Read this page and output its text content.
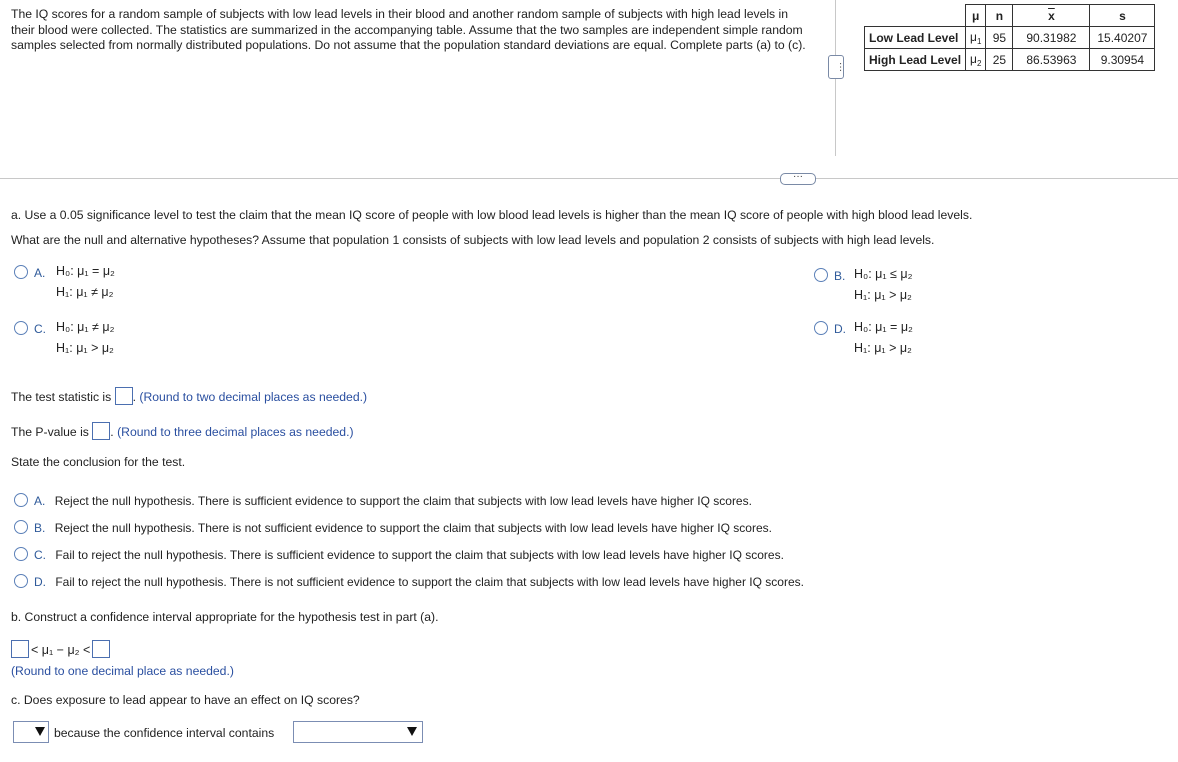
The IQ scores for a random sample of subjects with low lead levels in their blood and another random sample of subjects with high lead levels in their blood were collected. The statistics are summarized in the accompanying table. Assume that the two samples are independent simple random samples selected from normally distributed populations. Do not assume that the population standard deviations are equal. Complete parts (a) to (c).
···
	μ	n	$\overline{x}$	s
Low Lead Level	$\mu_1$	95	90.31982	15.40207
High Lead Level	$\mu_2$	25	86.53963	9.30954
···
a. Use a 0.05 significance level to test the claim that the mean IQ score of people with low blood lead levels is higher than the mean IQ score of people with high blood lead levels.
What are the null and alternative hypotheses? Assume that population 1 consists of subjects with low lead levels and population 2 consists of subjects with high lead levels.
A. H₀: μ₁ = μ₂
H₁: μ₁ ≠ μ₂
B. H₀: μ₁ ≤ μ₂
H₁: μ₁ > μ₂
C. H₀: μ₁ ≠ μ₂
H₁: μ₁ > μ₂
D. H₀: μ₁ = μ₂
H₁: μ₁ > μ₂
The test statistic is . (Round to two decimal places as needed.)
The P-value is . (Round to three decimal places as needed.)
State the conclusion for the test.
A. Reject the null hypothesis. There is sufficient evidence to support the claim that subjects with low lead levels have higher IQ scores.
B. Reject the null hypothesis. There is not sufficient evidence to support the claim that subjects with low lead levels have higher IQ scores.
C. Fail to reject the null hypothesis. There is sufficient evidence to support the claim that subjects with low lead levels have higher IQ scores.
D. Fail to reject the null hypothesis. There is not sufficient evidence to support the claim that subjects with low lead levels have higher IQ scores.
b. Construct a confidence interval appropriate for the hypothesis test in part (a).
< μ₁ − μ₂ <
(Round to one decimal place as needed.)
c. Does exposure to lead appear to have an effect on IQ scores?
because the confidence interval contains
